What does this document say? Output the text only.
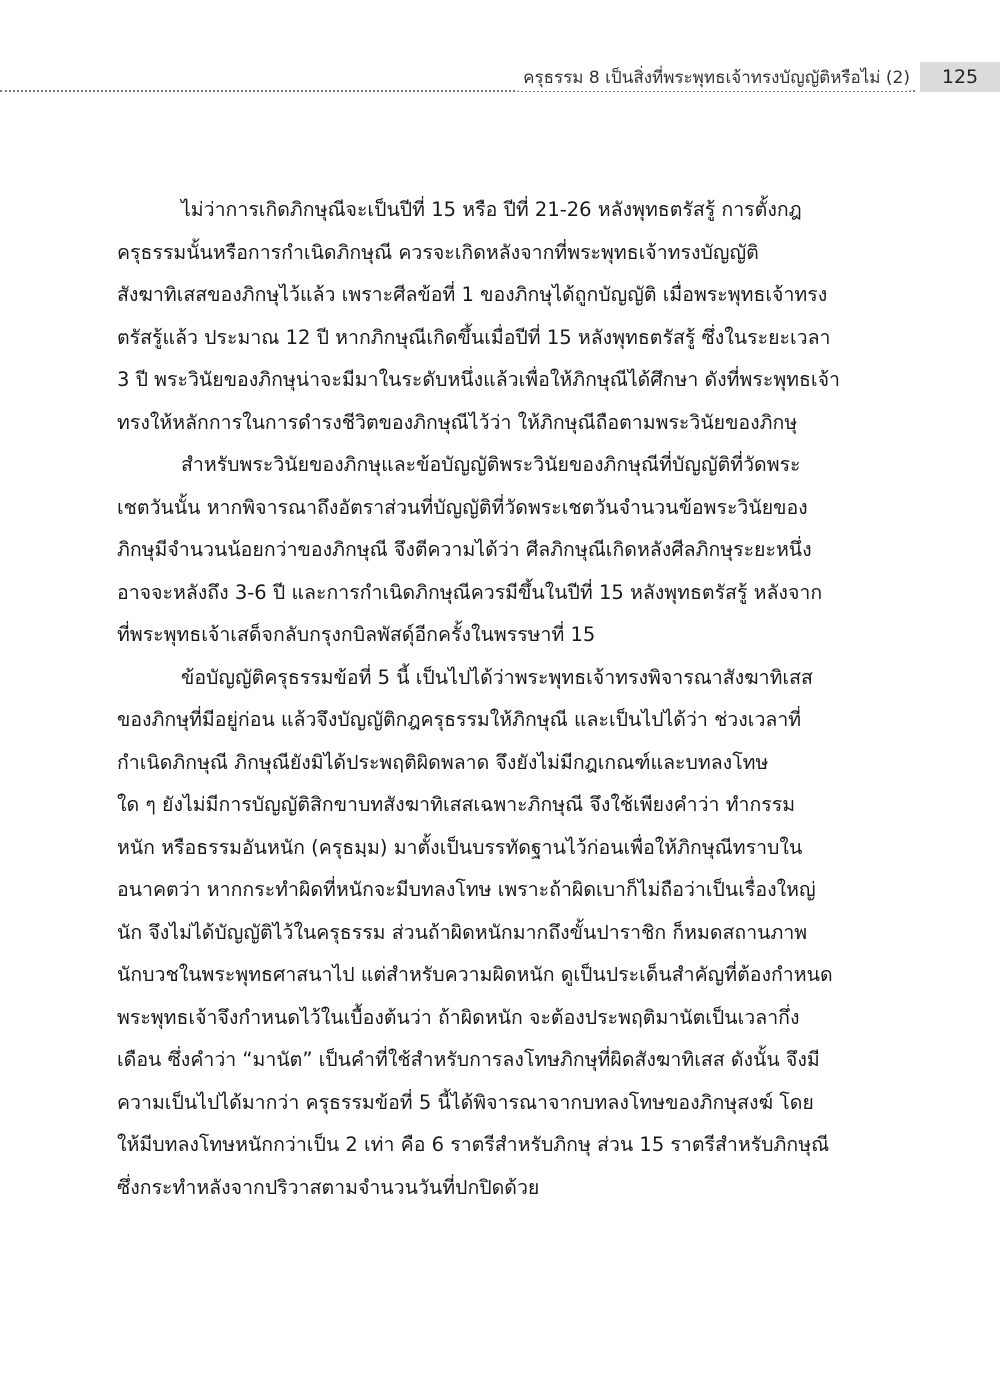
ครุธรรม 8 เป็นสิ่งที่พระพุทธเจ้าทรงบัญญัติหรือไม่ (2)	125
ไม่ว่าการเกิดภิกษุณีจะเป็นปีที่ 15 หรือ ปีที่ 21-26 หลังพุทธตรัสรู้ การตั้งกฎ
ครุธรรมนั้นหรือการกำเนิดภิกษุณี ควรจะเกิดหลังจากที่พระพุทธเจ้าทรงบัญญัติ
สังฆาทิเสสของภิกษุไว้แล้ว เพราะศีลข้อที่ 1 ของภิกษุได้ถูกบัญญัติ เมื่อพระพุทธเจ้าทรง
ตรัสรู้แล้ว ประมาณ 12 ปี หากภิกษุณีเกิดขึ้นเมื่อปีที่ 15 หลังพุทธตรัสรู้ ซึ่งในระยะเวลา
3 ปี พระวินัยของภิกษุน่าจะมีมาในระดับหนึ่งแล้วเพื่อให้ภิกษุณีได้ศึกษา ดังที่พระพุทธเจ้า
ทรงให้หลักการในการดำรงชีวิตของภิกษุณีไว้ว่า ให้ภิกษุณีถือตามพระวินัยของภิกษุ
สำหรับพระวินัยของภิกษุและข้อบัญญัติพระวินัยของภิกษุณีที่บัญญัติที่วัดพระ
เชตวันนั้น หากพิจารณาถึงอัตราส่วนที่บัญญัติที่วัดพระเชตวันจำนวนข้อพระวินัยของ
ภิกษุมีจำนวนน้อยกว่าของภิกษุณี จึงตีความได้ว่า ศีลภิกษุณีเกิดหลังศีลภิกษุระยะหนึ่ง
อาจจะหลังถึง 3-6 ปี และการกำเนิดภิกษุณีควรมีขึ้นในปีที่ 15 หลังพุทธตรัสรู้ หลังจาก
ที่พระพุทธเจ้าเสด็จกลับกรุงกบิลพัสดุ์อีกครั้งในพรรษาที่ 15
ข้อบัญญัติครุธรรมข้อที่ 5 นี้ เป็นไปได้ว่าพระพุทธเจ้าทรงพิจารณาสังฆาทิเสส
ของภิกษุที่มีอยู่ก่อน แล้วจึงบัญญัติกฎครุธรรมให้ภิกษุณี และเป็นไปได้ว่า ช่วงเวลาที่
กำเนิดภิกษุณี ภิกษุณียังมิได้ประพฤติผิดพลาด จึงยังไม่มีกฎเกณฑ์และบทลงโทษ
ใด ๆ ยังไม่มีการบัญญัติสิกขาบทสังฆาทิเสสเฉพาะภิกษุณี จึงใช้เพียงคำว่า ทำกรรม
หนัก หรือธรรมอันหนัก (ครุธมฺม) มาตั้งเป็นบรรทัดฐานไว้ก่อนเพื่อให้ภิกษุณีทราบใน
อนาคตว่า หากกระทำผิดที่หนักจะมีบทลงโทษ เพราะถ้าผิดเบาก็ไม่ถือว่าเป็นเรื่องใหญ่
นัก จึงไม่ได้บัญญัติไว้ในครุธรรม ส่วนถ้าผิดหนักมากถึงขั้นปาราชิก ก็หมดสถานภาพ
นักบวชในพระพุทธศาสนาไป แต่สำหรับความผิดหนัก ดูเป็นประเด็นสำคัญที่ต้องกำหนด
พระพุทธเจ้าจึงกำหนดไว้ในเบื้องต้นว่า ถ้าผิดหนัก จะต้องประพฤติมานัตเป็นเวลากึ่ง
เดือน ซึ่งคำว่า “มานัต” เป็นคำที่ใช้สำหรับการลงโทษภิกษุที่ผิดสังฆาทิเสส ดังนั้น จึงมี
ความเป็นไปได้มากว่า ครุธรรมข้อที่ 5 นี้ได้พิจารณาจากบทลงโทษของภิกษุสงฆ์ โดย
ให้มีบทลงโทษหนักกว่าเป็น 2 เท่า คือ 6 ราตรีสำหรับภิกษุ ส่วน 15 ราตรีสำหรับภิกษุณี
ซึ่งกระทำหลังจากปริวาสตามจำนวนวันที่ปกปิดด้วย
